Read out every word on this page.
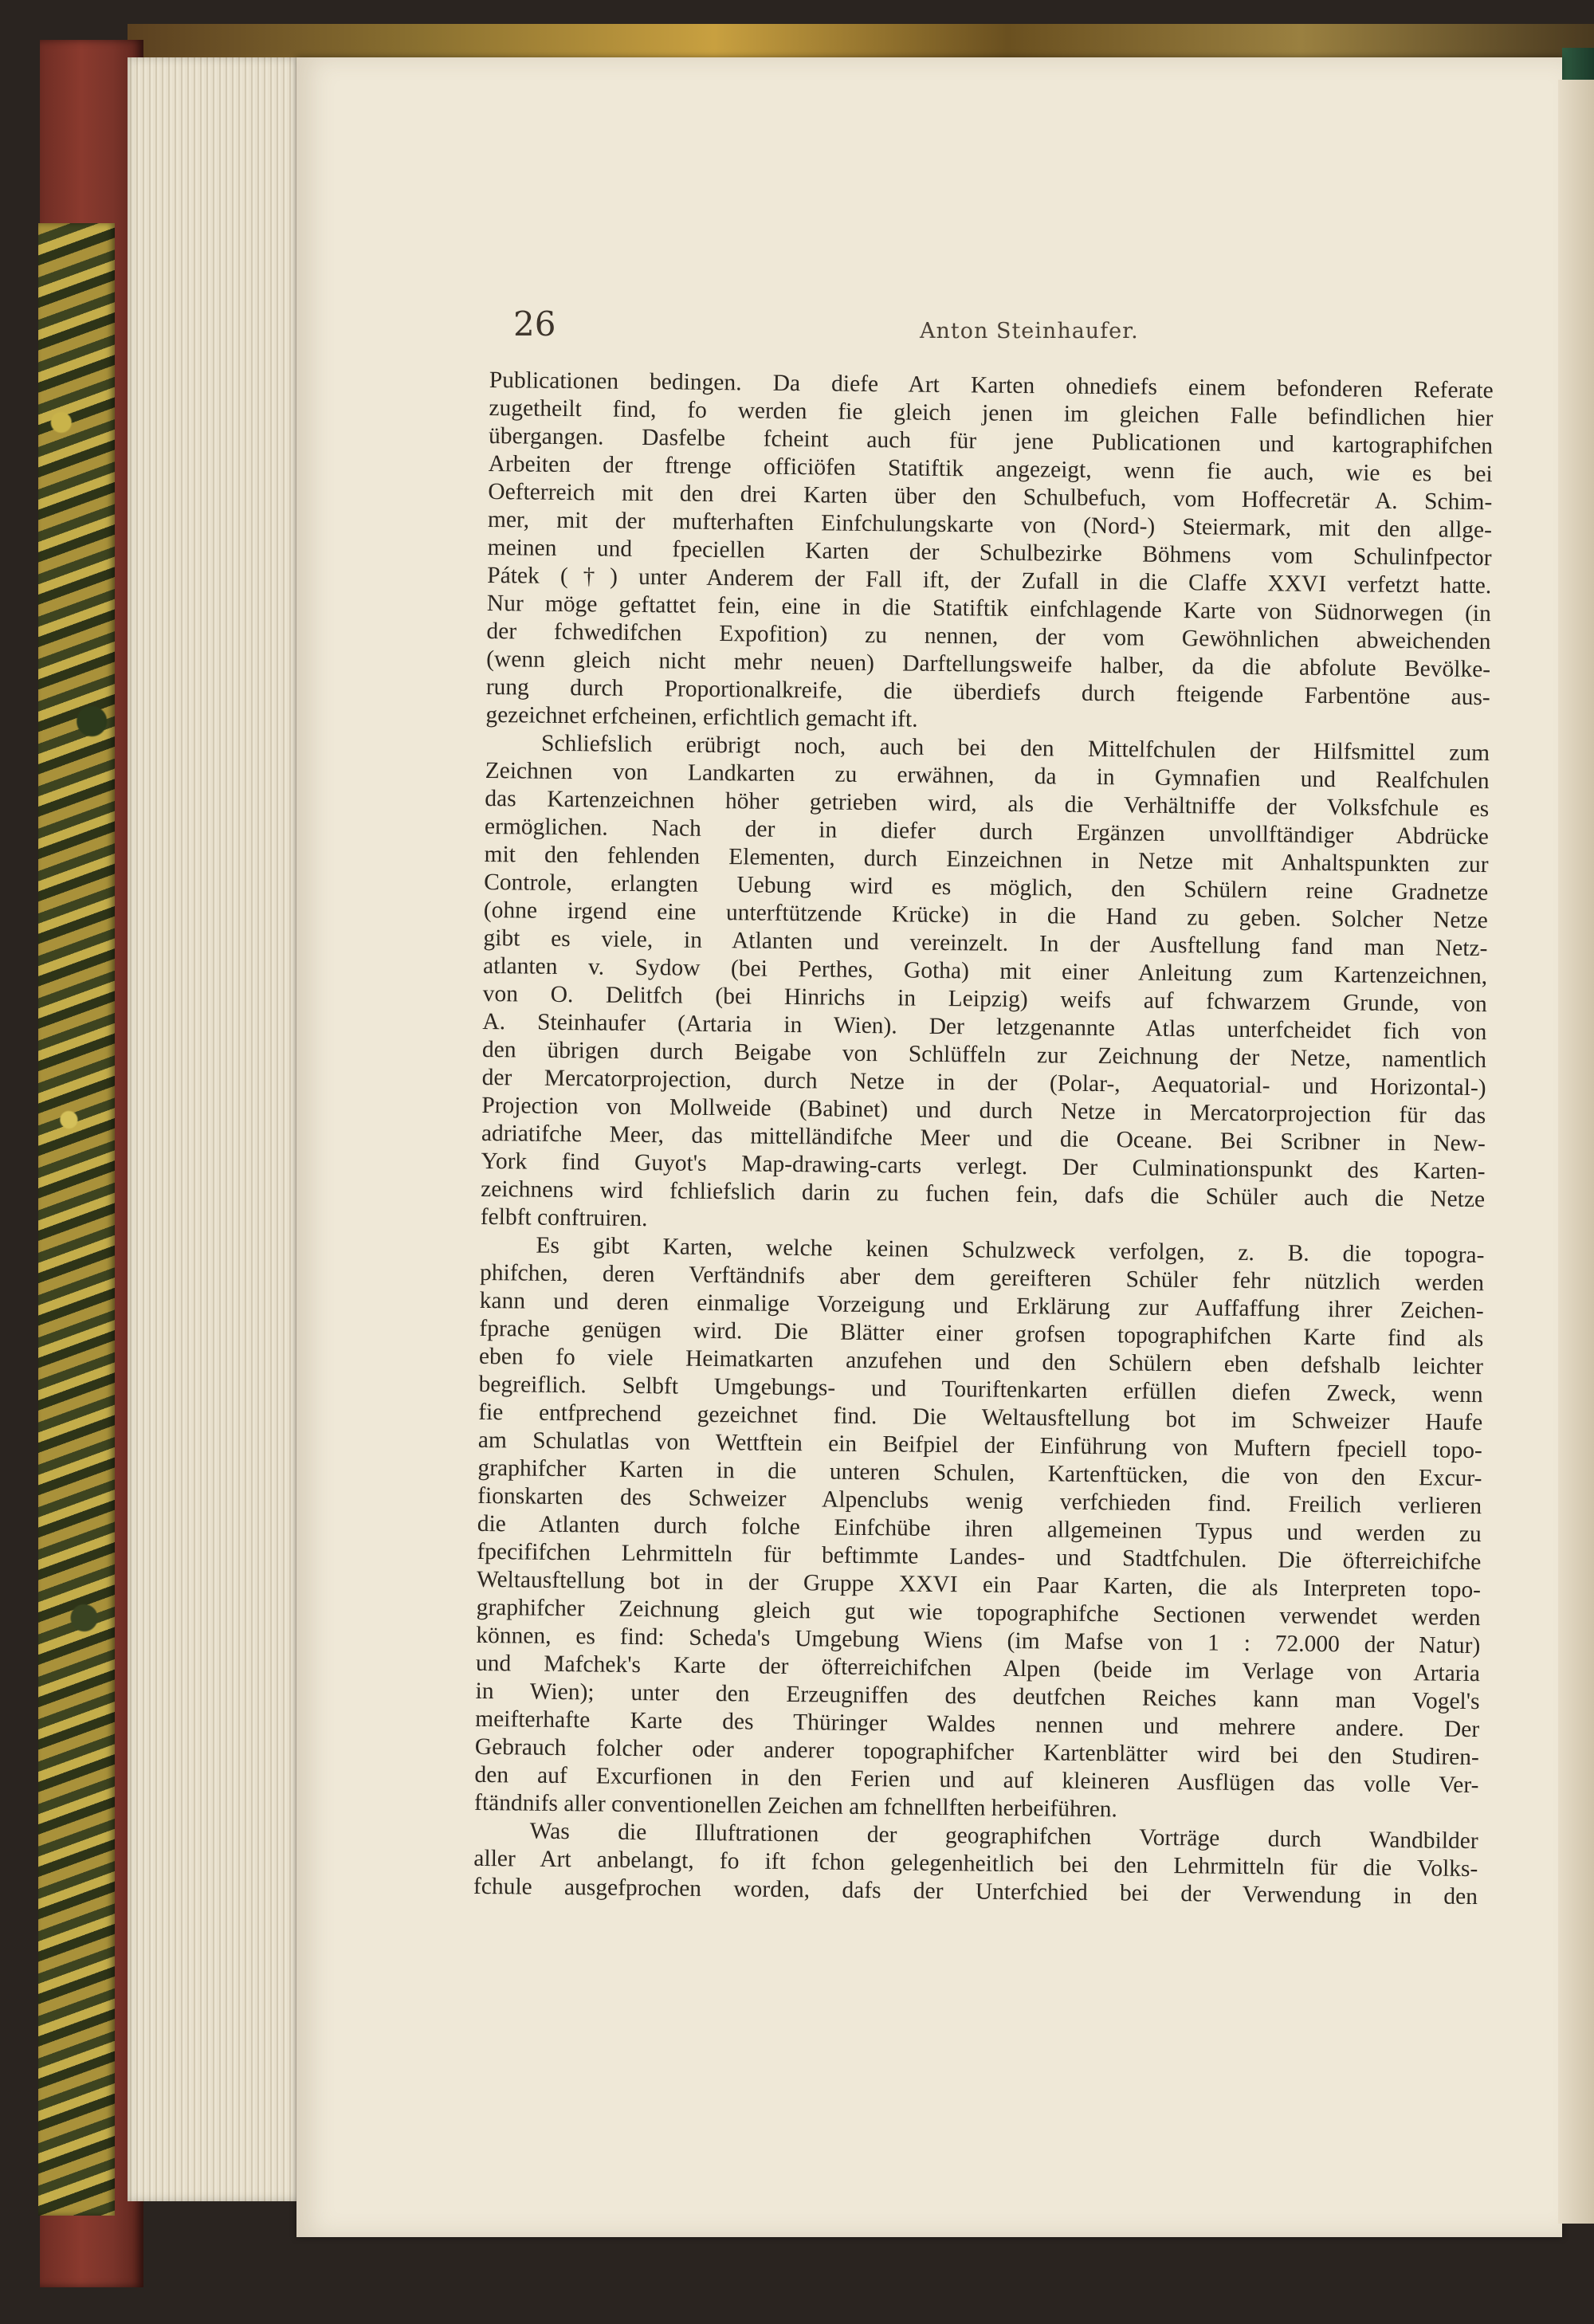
26	Anton Steinhaufer.
Publicationen bedingen. Da diefe Art Karten ohnediefs einem befonderen Referate
zugetheilt find, fo werden fie gleich jenen im gleichen Falle befindlichen hier
übergangen. Dasfelbe fcheint auch für jene Publicationen und kartographifchen
Arbeiten der ftrenge officiöfen Statiftik angezeigt, wenn fie auch, wie es bei
Oefterreich mit den drei Karten über den Schulbefuch, vom Hoffecretär A. Schim-
mer, mit der mufterhaften Einfchulungskarte von (Nord-) Steiermark, mit den allge-
meinen und fpeciellen Karten der Schulbezirke Böhmens vom Schulinfpector
Pátek (†) unter Anderem der Fall ift, der Zufall in die Claffe XXVI verfetzt hatte.
Nur möge geftattet fein, eine in die Statiftik einfchlagende Karte von Südnorwegen (in
der fchwedifchen Expofition) zu nennen, der vom Gewöhnlichen abweichenden
(wenn gleich nicht mehr neuen) Darftellungsweife halber, da die abfolute Bevölke-
rung durch Proportionalkreife, die überdiefs durch fteigende Farbentöne aus-
gezeichnet erfcheinen, erfichtlich gemacht ift.
Schliefslich erübrigt noch, auch bei den Mittelfchulen der Hilfsmittel zum
Zeichnen von Landkarten zu erwähnen, da in Gymnafien und Realfchulen
das Kartenzeichnen höher getrieben wird, als die Verhältniffe der Volksfchule es
ermöglichen. Nach der in diefer durch Ergänzen unvollftändiger Abdrücke
mit den fehlenden Elementen, durch Einzeichnen in Netze mit Anhaltspunkten zur
Controle, erlangten Uebung wird es möglich, den Schülern reine Gradnetze
(ohne irgend eine unterftützende Krücke) in die Hand zu geben. Solcher Netze
gibt es viele, in Atlanten und vereinzelt. In der Ausftellung fand man Netz-
atlanten v. Sydow (bei Perthes, Gotha) mit einer Anleitung zum Kartenzeichnen,
von O. Delitfch (bei Hinrichs in Leipzig) weifs auf fchwarzem Grunde, von
A. Steinhaufer (Artaria in Wien). Der letzgenannte Atlas unterfcheidet fich von
den übrigen durch Beigabe von Schlüffeln zur Zeichnung der Netze, namentlich
der Mercatorprojection, durch Netze in der (Polar-, Aequatorial- und Horizontal-)
Projection von Mollweide (Babinet) und durch Netze in Mercatorprojection für das
adriatifche Meer, das mittelländifche Meer und die Oceane. Bei Scribner in New-
York find Guyot's Map-drawing-carts verlegt. Der Culminationspunkt des Karten-
zeichnens wird fchliefslich darin zu fuchen fein, dafs die Schüler auch die Netze
felbft conftruiren.
Es gibt Karten, welche keinen Schulzweck verfolgen, z. B. die topogra-
phifchen, deren Verftändnifs aber dem gereifteren Schüler fehr nützlich werden
kann und deren einmalige Vorzeigung und Erklärung zur Auffaffung ihrer Zeichen-
fprache genügen wird. Die Blätter einer grofsen topographifchen Karte find als
eben fo viele Heimatkarten anzufehen und den Schülern eben defshalb leichter
begreiflich. Selbft Umgebungs- und Touriftenkarten erfüllen diefen Zweck, wenn
fie entfprechend gezeichnet find. Die Weltausftellung bot im Schweizer Haufe
am Schulatlas von Wettftein ein Beifpiel der Einführung von Muftern fpeciell topo-
graphifcher Karten in die unteren Schulen, Kartenftücken, die von den Excur-
fionskarten des Schweizer Alpenclubs wenig verfchieden find. Freilich verlieren
die Atlanten durch folche Einfchübe ihren allgemeinen Typus und werden zu
fpecififchen Lehrmitteln für beftimmte Landes- und Stadtfchulen. Die öfterreichifche
Weltausftellung bot in der Gruppe XXVI ein Paar Karten, die als Interpreten topo-
graphifcher Zeichnung gleich gut wie topographifche Sectionen verwendet werden
können, es find: Scheda's Umgebung Wiens (im Mafse von 1 : 72.000 der Natur)
und Mafchek's Karte der öfterreichifchen Alpen (beide im Verlage von Artaria
in Wien); unter den Erzeugniffen des deutfchen Reiches kann man Vogel's
meifterhafte Karte des Thüringer Waldes nennen und mehrere andere. Der
Gebrauch folcher oder anderer topographifcher Kartenblätter wird bei den Studiren-
den auf Excurfionen in den Ferien und auf kleineren Ausflügen das volle Ver-
ftändnifs aller conventionellen Zeichen am fchnellften herbeiführen.
Was die Illuftrationen der geographifchen Vorträge durch Wandbilder
aller Art anbelangt, fo ift fchon gelegenheitlich bei den Lehrmitteln für die Volks-
fchule ausgefprochen worden, dafs der Unterfchied bei der Verwendung in den
